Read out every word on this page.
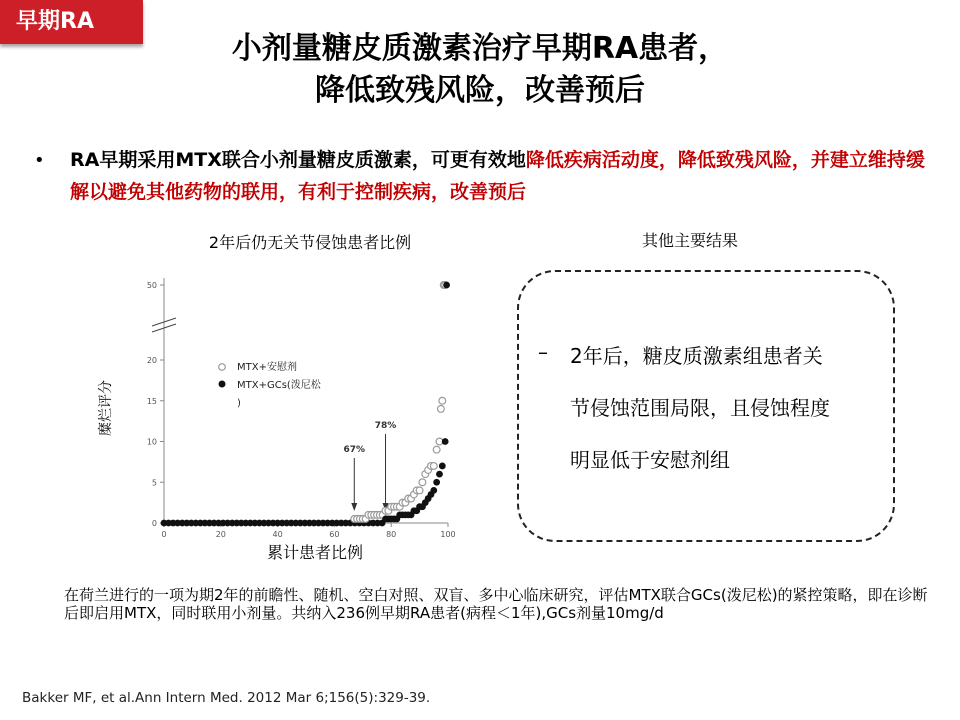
早期RA
小剂量糖皮质激素治疗早期RA患者，
降低致残风险，改善预后
• RA早期采用MTX联合小剂量糖皮质激素，可更有效地降低疾病活动度，降低致残风险，并建立维持缓解以避免其他药物的联用，有利于控制疾病，改善预后
2年后仍无关节侵蚀患者比例	其他主要结果
0
5
10
15
20
50
0	20	40	60	80	100
MTX+安慰剂
MTX+GCs(泼尼松
)
67%
78%
糜烂评分
累计患者比例
– 2年后，糖皮质激素组患者关
节侵蚀范围局限，且侵蚀程度
明显低于安慰剂组
在荷兰进行的一项为期2年的前瞻性、随机、空白对照、双盲、多中心临床研究，评估MTX联合GCs(泼尼松)的紧控策略，即在诊断后即启用MTX，同时联用小剂量。共纳入236例早期RA患者(病程＜1年),GCs剂量10mg/d
Bakker MF, et al.Ann Intern Med. 2012 Mar 6;156(5):329-39.
